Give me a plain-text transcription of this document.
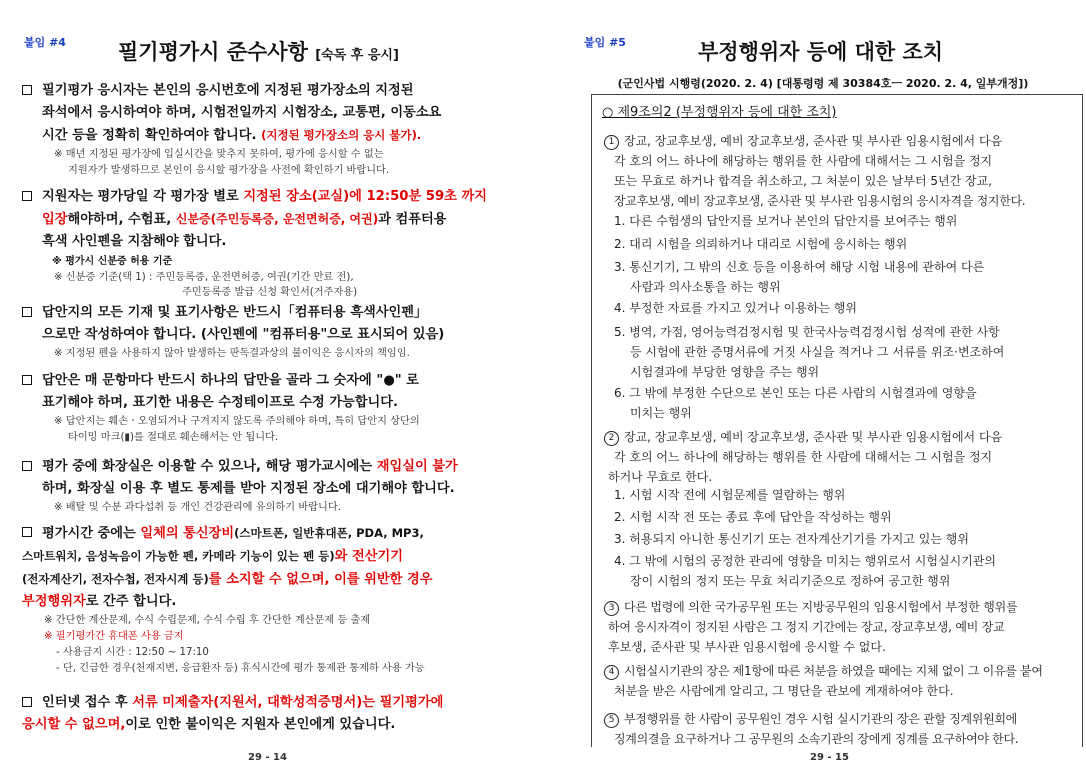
붙임 #4 필기평가시 준수사항 [숙독 후 응시]
필기평가 응시자는 본인의 응시번호에 지정된 평가장소의 지정된
좌석에서 응시하여야 하며, 시험전일까지 시험장소, 교통편, 이동소요
시간 등을 정확히 확인하여야 합니다. (지정된 평가장소의 응시 불가).
※ 매년 지정된 평가장에 입실시간을 맞추지 못하여, 평가에 응시할 수 없는
지원자가 발생하므로 본인이 응시할 평가장을 사전에 확인하기 바랍니다.
지원자는 평가당일 각 평가장 별로 지정된 장소(교실)에 12:50분 59초 까지
입장해야하며, 수험표, 신분증(주민등록증, 운전면허증, 여권)과 컴퓨터용
흑색 사인펜을 지참해야 합니다.
※ 평가시 신분증 허용 기준
※ 신분증 기준(택 1) : 주민등록증, 운전면허증, 여권(기간 만료 전),
주민등록증 발급 신청 확인서(거주자용)
답안지의 모든 기재 및 표기사항은 반드시「컴퓨터용 흑색사인펜」
으로만 작성하여야 합니다. (사인펜에 "컴퓨터용"으로 표시되어 있음)
※ 지정된 펜을 사용하지 않아 발생하는 판독결과상의 불이익은 응시자의 책임임.
답안은 매 문항마다 반드시 하나의 답만을 골라 그 숫자에 "●" 로
표기해야 하며, 표기한 내용은 수정테이프로 수정 가능합니다.
※ 답안지는 훼손ㆍ오염되거나 구겨지지 않도록 주의해야 하며, 특히 답안지 상단의
타이밍 마크(▮)를 절대로 훼손해서는 안 됩니다.
평가 중에 화장실은 이용할 수 있으나, 해당 평가교시에는 재입실이 불가
하며, 화장실 이용 후 별도 통제를 받아 지정된 장소에 대기해야 합니다.
※ 배탈 및 수분 과다섭취 등 개인 건강관리에 유의하기 바랍니다.
평가시간 중에는 일체의 통신장비(스마트폰, 일반휴대폰, PDA, MP3,
스마트워치, 음성녹음이 가능한 펜, 카메라 기능이 있는 펜 등)와 전산기기
(전자계산기, 전자수첩, 전자시계 등)를 소지할 수 없으며, 이를 위반한 경우
부정행위자로 간주 합니다.
※ 간단한 계산문제, 수식 수립문제, 수식 수립 후 간단한 계산문제 등 출제
※ 필기평가간 휴대폰 사용 금지
- 사용금지 시간 : 12:50 ~ 17:10
- 단, 긴급한 경우(천재지변, 응급환자 등) 휴식시간에 평가 통제관 통제하 사용 가능
인터넷 접수 후 서류 미제출자(지원서, 대학성적증명서)는 필기평가에
응시할 수 없으며,이로 인한 불이익은 지원자 본인에게 있습니다.
29 - 14
붙임 #5	부정행위자 등에 대한 조치
(군인사법 시행령(2020. 2. 4) [대통령령 제 30384호ㅡ 2020. 2. 4, 일부개정])
○ 제9조의2 (부정행위자 등에 대한 조치)
1 장교, 장교후보생, 예비 장교후보생, 준사관 및 부사관 임용시험에서 다음
각 호의 어느 하나에 해당하는 행위를 한 사람에 대해서는 그 시험을 정지
또는 무효로 하거나 합격을 취소하고, 그 처분이 있은 날부터 5년간 장교,
장교후보생, 예비 장교후보생, 준사관 및 부사관 임용시험의 응시자격을 정지한다.
1. 다른 수험생의 답안지를 보거나 본인의 답안지를 보여주는 행위
2. 대리 시험을 의뢰하거나 대리로 시험에 응시하는 행위
3. 통신기기, 그 밖의 신호 등을 이용하여 해당 시험 내용에 관하여 다른
사람과 의사소통을 하는 행위
4. 부정한 자료를 가지고 있거나 이용하는 행위
5. 병역, 가점, 영어능력검정시험 및 한국사능력검정시험 성적에 관한 사항
등 시험에 관한 증명서류에 거짓 사실을 적거나 그 서류를 위조·변조하여
시험결과에 부당한 영향을 주는 행위
6. 그 밖에 부정한 수단으로 본인 또는 다른 사람의 시험결과에 영향을
미치는 행위
2 장교, 장교후보생, 예비 장교후보생, 준사관 및 부사관 임용시험에서 다음
각 호의 어느 하나에 해당하는 행위를 한 사람에 대해서는 그 시험을 정지
하거나 무효로 한다.
1. 시험 시작 전에 시험문제를 열람하는 행위
2. 시험 시작 전 또는 종료 후에 답안을 작성하는 행위
3. 허용되지 아니한 통신기기 또는 전자계산기기를 가지고 있는 행위
4. 그 밖에 시험의 공정한 관리에 영향을 미치는 행위로서 시험실시기관의
장이 시험의 정지 또는 무효 처리기준으로 정하여 공고한 행위
3 다른 법령에 의한 국가공무원 또는 지방공무원의 임용시험에서 부정한 행위를
하여 응시자격이 정지된 사람은 그 정지 기간에는 장교, 장교후보생, 예비 장교
후보생, 준사관 및 부사관 임용시험에 응시할 수 없다.
4 시험실시기관의 장은 제1항에 따른 처분을 하였을 때에는 지체 없이 그 이유를 붙여
처분을 받은 사람에게 알리고, 그 명단을 관보에 게재하여야 한다.
5 부정행위를 한 사람이 공무원인 경우 시험 실시기관의 장은 관할 징계위원회에
징계의결을 요구하거나 그 공무원의 소속기관의 장에게 징계를 요구하여야 한다.
29 - 15
